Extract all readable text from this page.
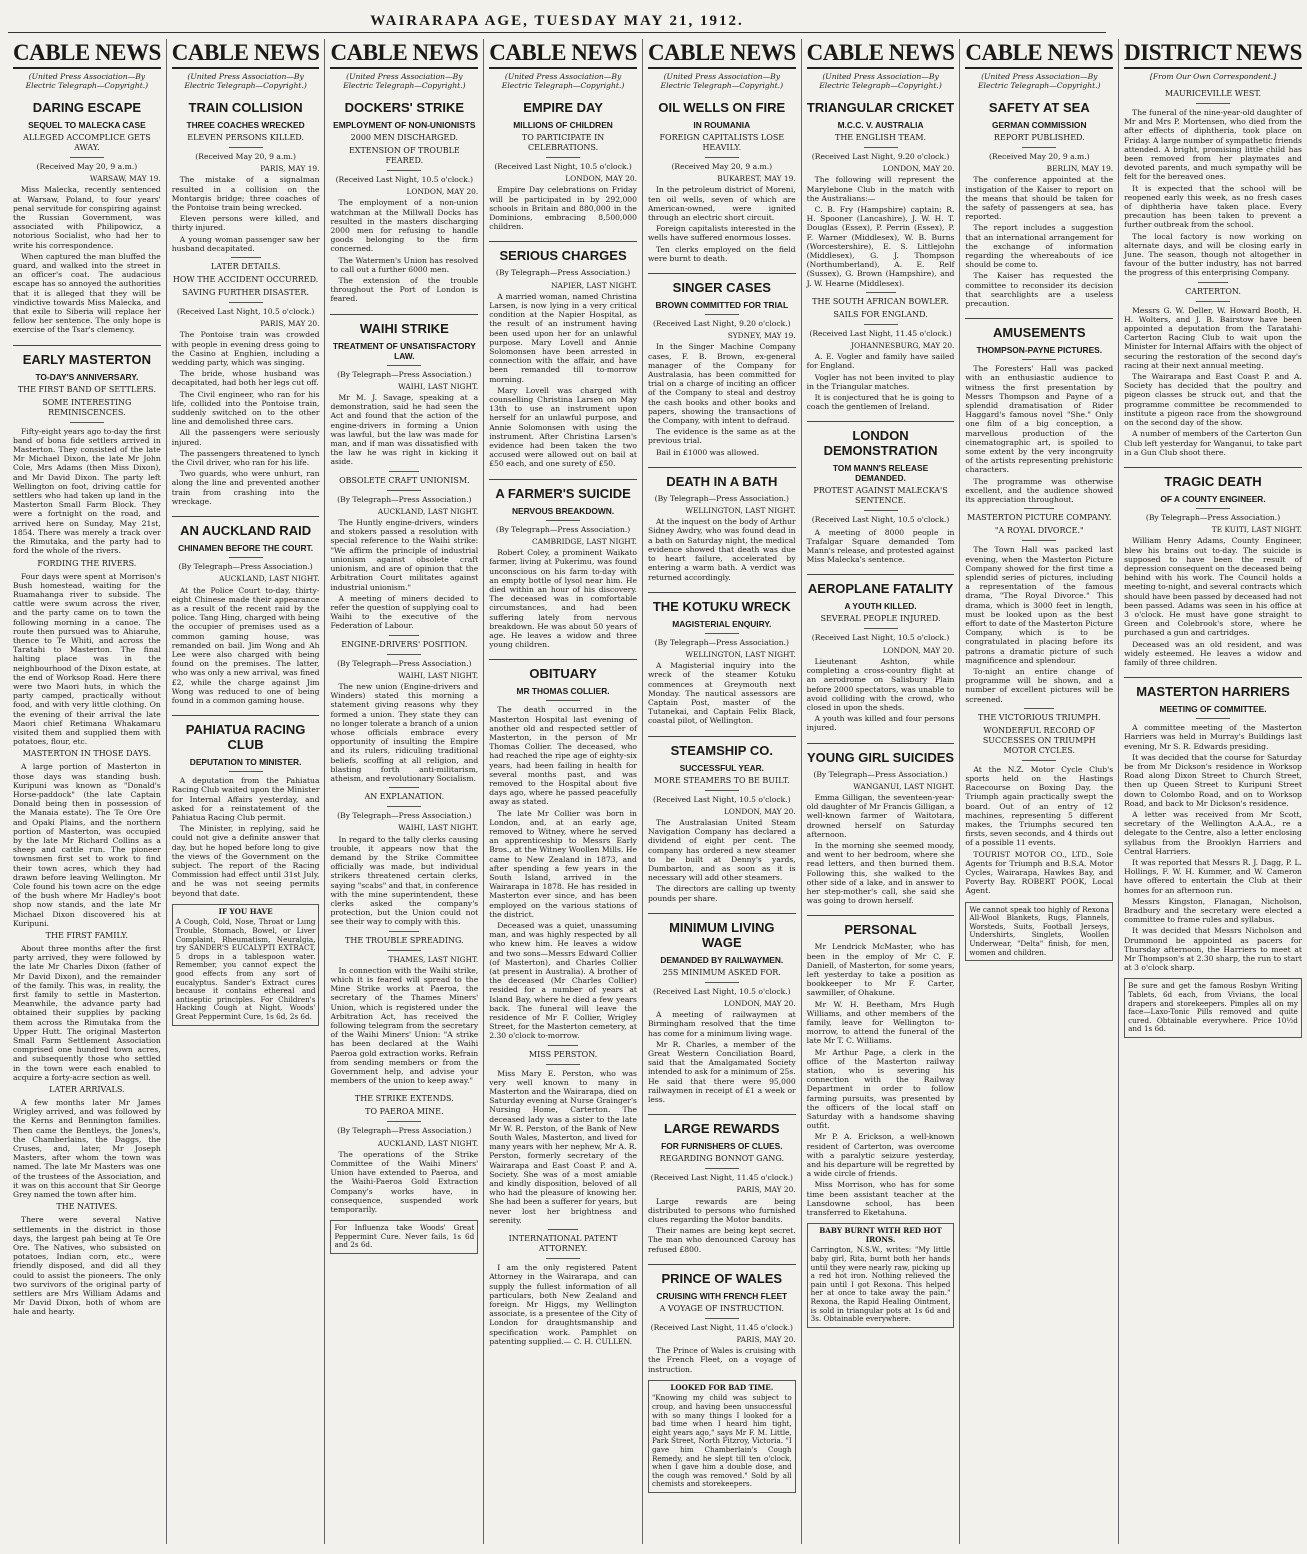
WAIRARAPA AGE, TUESDAY MAY 21, 1912.
CABLE NEWS
(United Press Association—By Electric Telegraph—Copyright.)
DARING ESCAPE
SEQUEL TO MALECKA CASE
ALLEGED ACCOMPLICE GETS AWAY.
(Received May 20, 9 a.m.)
WARSAW, MAY 19.

Miss Malecka, recently sentenced at Warsaw, Poland, to four years' penal servitude for conspiring against the Russian Government, was associated with Philipowicz, a notorious Socialist, who had her to write his correspondence.

When captured the man bluffed the guard, and walked into the street in an officer's coat. The audacious escape has so annoyed the authorities that it is alleged that they will be vindictive towards Miss Malecka, and that exile to Siberia will replace her fellow her sentence. The only hope is exercise of the Tsar's clemency.

EARLY MASTERTON
TO-DAY'S ANNIVERSARY.
THE FIRST BAND OF SETTLERS.
SOME INTERESTING REMINISCENCES.

Fifty-eight years ago to-day the first band of bona fide settlers arrived in Masterton. They consisted of the late Mr Michael Dixon, the late Mr John Cole, Mrs Adams (then Miss Dixon), and Mr David Dixon. The party left Wellington on foot, driving cattle for settlers who had taken up land in the Masterton Small Farm Block. They were a fortnight on the road, and arrived here on Sunday, May 21st, 1854. There was merely a track over the Rimutaka, and the party had to ford the whole of the rivers.

FORDING THE RIVERS.

Four days were spent at Morrison's Bush homestead, waiting for the Ruamahanga river to subside. The cattle were swum across the river, and the party came on to town the following morning in a canoe. The route then pursued was to Ahiaruhe, thence to Te Whiti, and across the Taratahi to Masterton. The final halting place was in the neighbourhood of the Dixon estate, at the end of Worksop Road. Here there were two Maori huts, in which the party camped, practically without food, and with very little clothing. On the evening of their arrival the late Maori chief Retimana Whakamaru visited them and supplied them with potatoes, flour, etc.

MASTERTON IN THOSE DAYS.

A large portion of Masterton in those days was standing bush. Kuripuni was known as "Donald's Horse-paddock" (the late Captain Donald being then in possession of the Manaia estate). The Te Ore Ore and Opaki Plains, and the northern portion of Masterton, was occupied by the late Mr Richard Collins as a sheep and cattle run. The pioneer townsmen first set to work to find their town acres, which they had drawn before leaving Wellington. Mr Cole found his town acre on the edge of the bush where Mr Hadley's boot shop now stands, and the late Mr Michael Dixon discovered his at Kuripuni.

THE FIRST FAMILY.

About three months after the first party arrived, they were followed by the late Mr Charles Dixon (father of Mr David Dixon), and the remainder of the family. This was, in reality, the first family to settle in Masterton. Meanwhile, the advance party had obtained their supplies by packing them across the Rimutaka from the Upper Hutt. The original Masterton Small Farm Settlement Association comprised one hundred town acres, and subsequently those who settled in the town were each enabled to acquire a forty-acre section as well.

LATER ARRIVALS.

A few months later Mr James Wrigley arrived, and was followed by the Kerns and Bennington families. Then came the Bentleys, the Jones's, the Chamberlains, the Daggs, the Cruses, and, later, Mr Joseph Masters, after whom the town was named. The late Mr Masters was one of the trustees of the Association, and it was on this account that Sir George Grey named the town after him.

THE NATIVES.

There were several Native settlements in the district in those days, the largest pah being at Te Ore Ore. The Natives, who subsisted on potatoes, Indian corn, etc., were friendly disposed, and did all they could to assist the pioneers. The only two survivors of the original party of settlers are Mrs William Adams and Mr David Dixon, both of whom are hale and hearty.

CABLE NEWS
(United Press Association—By Electric Telegraph—Copyright.)
TRAIN COLLISION
THREE COACHES WRECKED
ELEVEN PERSONS KILLED.
(Received May 20, 9 a.m.)
PARIS, MAY 19.

The mistake of a signalman resulted in a collision on the Montargis bridge; three coaches of the Pontoise train being wrecked.

Eleven persons were killed, and thirty injured.

A young woman passenger saw her husband decapitated.

LATER DETAILS.
HOW THE ACCIDENT OCCURRED.
SAVING FURTHER DISASTER.
(Received Last Night, 10.5 o'clock.)
PARIS, MAY 20.

The Pontoise train was crowded with people in evening dress going to the Casino at Enghien, including a wedding party, which was singing.

The bride, whose husband was decapitated, had both her legs cut off.

The Civil engineer, who ran for his life, collided into the Pontoise train, suddenly switched on to the other line and demolished three cars.

All the passengers were seriously injured.

The passengers threatened to lynch the Civil driver, who ran for his life.

Two guards, who were unhurt, ran along the line and prevented another train from crashing into the wreckage.

AN AUCKLAND RAID
CHINAMEN BEFORE THE COURT.
(By Telegraph—Press Association.)
AUCKLAND, LAST NIGHT.

At the Police Court to-day, thirty-eight Chinese made their appearance as a result of the recent raid by the police. Tang Hing, charged with being the occupier of premises used as a common gaming house, was remanded on bail. Jim Wong and Ah Lee were also charged with being found on the premises. The latter, who was only a new arrival, was fined £2, while the charge against Jim Wong was reduced to one of being found in a common gaming house.

PAHIATUA RACING CLUB
DEPUTATION TO MINISTER.

A deputation from the Pahiatua Racing Club waited upon the Minister for Internal Affairs yesterday, and asked for a reinstatement of the Pahiatua Racing Club permit.

The Minister, in replying, said he could not give a definite answer that day, but he hoped before long to give the views of the Government on the subject. The report of the Racing Commission had effect until 31st July, and he was not seeing permits beyond that date.

IF YOU HAVE
A Cough, Cold, Nose, Throat or Lung Trouble, Stomach, Bowel, or Liver Complaint, Rheumatism, Neuralgia, try SANDER'S EUCALYPTI EXTRACT, 5 drops in a tablespoon water. Remember, you cannot expect the good effects from any sort of eucalyptus. Sander's Extract cures because it contains ethereal and antiseptic principles. For Children's Hacking Cough at Night, Woods' Great Peppermint Cure, 1s 6d, 2s 6d.
CABLE NEWS
(United Press Association—By Electric Telegraph—Copyright.)
DOCKERS' STRIKE
EMPLOYMENT OF NON-UNIONISTS
2000 MEN DISCHARGED.
EXTENSION OF TROUBLE FEARED.
(Received Last Night, 10.5 o'clock.)
LONDON, MAY 20.

The employment of a non-union watchman at the Millwall Docks has resulted in the masters discharging 2000 men for refusing to handle goods belonging to the firm concerned.

The Watermen's Union has resolved to call out a further 6000 men.

The extension of the trouble throughout the Port of London is feared.

WAIHI STRIKE
TREATMENT OF UNSATISFACTORY LAW.
(By Telegraph—Press Association.)
WAIHI, LAST NIGHT.

Mr M. J. Savage, speaking at a demonstration, said he had seen the Act and found that the action of the engine-drivers in forming a Union was lawful, but the law was made for man, and if man was dissatisfied with the law he was right in kicking it aside.

OBSOLETE CRAFT UNIONISM.
(By Telegraph—Press Association.)
AUCKLAND, LAST NIGHT.

The Huntly engine-drivers, winders and stokers passed a resolution with special reference to the Waihi strike: "We affirm the principle of industrial unionism against obsolete craft unionism, and are of opinion that the Arbitration Court militates against industrial unionism."

A meeting of miners decided to refer the question of supplying coal to Waihi to the executive of the Federation of Labour.

ENGINE-DRIVERS' POSITION.
(By Telegraph—Press Association.)
WAIHI, LAST NIGHT.

The new union (Engine-drivers and Winders) stated this morning a statement giving reasons why they formed a union. They state they can no longer tolerate a branch of a union whose officials embrace every opportunity of insulting the Empire and its rulers, ridiculing traditional beliefs, scoffing at all religion, and blasting forth anti-militarism, atheism, and revolutionary Socialism.

AN EXPLANATION.
(By Telegraph—Press Association.)
WAIHI, LAST NIGHT.

In regard to the tally clerks causing trouble, it appears now that the demand by the Strike Committee officially was made, but individual strikers threatened certain clerks, saying "scabs" and that, in conference with the mine superintendent, these clerks asked the company's protection, but the Union could not see their way to comply with this.

THE TROUBLE SPREADING.
THAMES, LAST NIGHT.

In connection with the Waihi strike, which it is feared will spread to the Mine Strike works at Paeroa, the secretary of the Thames Miners' Union, which is registered under the Arbitration Act, has received the following telegram from the secretary of the Waihi Miners' Union: "A strike has been declared at the Waihi Paeroa gold extraction works. Refrain from sending members or from the Government help, and advise your members of the union to keep away."

THE STRIKE EXTENDS.
TO PAEROA MINE.
(By Telegraph—Press Association.)
AUCKLAND, LAST NIGHT.

The operations of the Strike Committee of the Waihi Miners' Union have extended to Paeroa, and the Waihi-Paeroa Gold Extraction Company's works have, in consequence, suspended work temporarily.

For Influenza take Woods' Great Peppermint Cure. Never fails, 1s 6d and 2s 6d.
CABLE NEWS
(United Press Association—By Electric Telegraph—Copyright.)
EMPIRE DAY
MILLIONS OF CHILDREN
TO PARTICIPATE IN CELEBRATIONS.
(Received Last Night, 10.5 o'clock.)
LONDON, MAY 20.

Empire Day celebrations on Friday will be participated in by 292,000 schools in Britain and 880,000 in the Dominions, embracing 8,500,000 children.

SERIOUS CHARGES
(By Telegraph—Press Association.)
NAPIER, LAST NIGHT.

A married woman, named Christina Larsen, is now lying in a very critical condition at the Napier Hospital, as the result of an instrument having been used upon her for an unlawful purpose. Mary Lovell and Annie Solomonsen have been arrested in connection with the affair, and have been remanded till to-morrow morning.

Mary Lovell was charged with counselling Christina Larsen on May 13th to use an instrument upon herself for an unlawful purpose, and Annie Solomonsen with using the instrument. After Christina Larsen's evidence had been taken the two accused were allowed out on bail at £50 each, and one surety of £50.

A FARMER'S SUICIDE
NERVOUS BREAKDOWN.
(By Telegraph—Press Association.)
CAMBRIDGE, LAST NIGHT.

Robert Coley, a prominent Waikato farmer, living at Pukerimu, was found unconscious on his farm to-day with an empty bottle of lysol near him. He died within an hour of his discovery. The deceased was in comfortable circumstances, and had been suffering lately from nervous breakdown. He was about 50 years of age. He leaves a widow and three young children.

OBITUARY
MR THOMAS COLLIER.

The death occurred in the Masterton Hospital last evening of another old and respected settler of Masterton, in the person of Mr Thomas Collier. The deceased, who had reached the ripe age of eighty-six years, had been failing in health for several months past, and was removed to the Hospital about five days ago, where he passed peacefully away as stated.

The late Mr Collier was born in London, and, at an early age, removed to Witney, where he served an apprenticeship to Messrs Early Bros., at the Witney Woollen Mills. He came to New Zealand in 1873, and after spending a few years in the South Island, arrived in the Wairarapa in 1878. He has resided in Masterton ever since, and has been employed on the various stations of the district.

Deceased was a quiet, unassuming man, and was highly respected by all who knew him. He leaves a widow and two sons—Messrs Edward Collier (of Masterton), and Charles Collier (at present in Australia). A brother of the deceased (Mr Charles Collier) resided for a number of years at Island Bay, where he died a few years back. The funeral will leave the residence of Mr F. Collier, Wrigley Street, for the Masterton cemetery, at 2.30 o'clock to-morrow.

MISS PERSTON.

Miss Mary E. Perston, who was very well known to many in Masterton and the Wairarapa, died on Saturday evening at Nurse Grainger's Nursing Home, Carterton. The deceased lady was a sister to the late Mr W. R. Perston, of the Bank of New South Wales, Masterton, and lived for many years with her nephew, Mr A. R. Perston, formerly secretary of the Wairarapa and East Coast P. and A. Society. She was of a most amiable and kindly disposition, beloved of all who had the pleasure of knowing her. She had been a sufferer for years, but never lost her brightness and serenity.

INTERNATIONAL PATENT ATTORNEY.

I am the only registered Patent Attorney in the Wairarapa, and can supply the fullest information of all particulars, both New Zealand and foreign. Mr Higgs, my Wellington associate, is a presentee of the City of London for draughtsmanship and specification work. Pamphlet on patenting supplied.— C. H. CULLEN.

CABLE NEWS
(United Press Association—By Electric Telegraph—Copyright.)
OIL WELLS ON FIRE
IN ROUMANIA
FOREIGN CAPITALISTS LOSE HEAVILY.
(Received May 20, 9 a.m.)
BUKAREST, MAY 19.

In the petroleum district of Moreni, ten oil wells, seven of which are American-owned, were ignited through an electric short circuit.

Foreign capitalists interested in the wells have suffered enormous losses.

Ten clerks employed on the field were burnt to death.

SINGER CASES
BROWN COMMITTED FOR TRIAL
(Received Last Night, 9.20 o'clock.)
SYDNEY, MAY 19.

In the Singer Machine Company cases, F. B. Brown, ex-general manager of the Company for Australasia, has been committed for trial on a charge of inciting an officer of the Company to steal and destroy the cash books and other books and papers, showing the transactions of the Company, with intent to defraud.

The evidence is the same as at the previous trial.

Bail in £1000 was allowed.

DEATH IN A BATH
(By Telegraph—Press Association.)
WELLINGTON, LAST NIGHT.

At the inquest on the body of Arthur Sidney Awdry, who was found dead in a bath on Saturday night, the medical evidence showed that death was due to heart failure, accelerated by entering a warm bath. A verdict was returned accordingly.

THE KOTUKU WRECK
MAGISTERIAL ENQUIRY.
(By Telegraph—Press Association.)
WELLINGTON, LAST NIGHT.

A Magisterial inquiry into the wreck of the steamer Kotuku commences at Greymouth next Monday. The nautical assessors are Captain Post, master of the Tutanekai, and Captain Felix Black, coastal pilot, of Wellington.

STEAMSHIP CO.
SUCCESSFUL YEAR.
MORE STEAMERS TO BE BUILT.
(Received Last Night, 10.5 o'clock.)
LONDON, MAY 20.

The Australasian United Steam Navigation Company has declared a dividend of eight per cent. The company has ordered a new steamer to be built at Denny's yards, Dumbarton, and as soon as it is necessary will add other steamers.

The directors are calling up twenty pounds per share.

MINIMUM LIVING WAGE
DEMANDED BY RAILWAYMEN.
25S MINIMUM ASKED FOR.
(Received Last Night, 10.5 o'clock.)
LONDON, MAY 20.

A meeting of railwaymen at Birmingham resolved that the time has come for a minimum living wage.

Mr R. Charles, a member of the Great Western Conciliation Board, said that the Amalgamated Society intended to ask for a minimum of 25s. He said that there were 95,000 railwaymen in receipt of £1 a week or less.

LARGE REWARDS
FOR FURNISHERS OF CLUES.
REGARDING BONNOT GANG.
(Received Last Night, 11.45 o'clock.)
PARIS, MAY 20.

Large rewards are being distributed to persons who furnished clues regarding the Motor bandits.

Their names are being kept secret. The man who denounced Carouy has refused £800.

PRINCE OF WALES
CRUISING WITH FRENCH FLEET
A VOYAGE OF INSTRUCTION.
(Received Last Night, 11.45 o'clock.)
PARIS, MAY 20.

The Prince of Wales is cruising with the French Fleet, on a voyage of instruction.

LOOKED FOR BAD TIME.
"Knowing my child was subject to croup, and having been unsuccessful with so many things I looked for a bad time when I heard him tight, eight years ago," says Mr F. M. Little, Park Street, North Fitzroy, Victoria. "I gave him Chamberlain's Cough Remedy, and he slept till ten o'clock, when I gave him a double dose, and the cough was removed." Sold by all chemists and storekeepers.
CABLE NEWS
(United Press Association—By Electric Telegraph—Copyright.)
TRIANGULAR CRICKET
M.C.C. V. AUSTRALIA
THE ENGLISH TEAM.
(Received Last Night, 9.20 o'clock.)
LONDON, MAY 20.

The following will represent the Marylebone Club in the match with the Australians:—

C. B. Fry (Hampshire) captain; R. H. Spooner (Lancashire), J. W. H. T. Douglas (Essex), P. Perrin (Essex), P. F. Warner (Middlesex), W. B. Burns (Worcestershire), E. S. Littlejohn (Middlesex), G. J. Thompson (Northumberland), A. E. Relf (Sussex), G. Brown (Hampshire), and J. W. Hearne (Middlesex).

THE SOUTH AFRICAN BOWLER.
SAILS FOR ENGLAND.
(Received Last Night, 11.45 o'clock.)
JOHANNESBURG, MAY 20.

A. E. Vogler and family have sailed for England.

Vogler has not been invited to play in the Triangular matches.

It is conjectured that he is going to coach the gentlemen of Ireland.

LONDON DEMONSTRATION
TOM MANN'S RELEASE DEMANDED.
PROTEST AGAINST MALECKA'S SENTENCE.
(Received Last Night, 10.5 o'clock.)

A meeting of 8000 people in Trafalgar Square demanded Tom Mann's release, and protested against Miss Malecka's sentence.

AEROPLANE FATALITY
A YOUTH KILLED.
SEVERAL PEOPLE INJURED.
(Received Last Night, 10.5 o'clock.)
LONDON, MAY 20.

Lieutenant Ashton, while completing a cross-country flight at an aerodrome on Salisbury Plain before 2000 spectators, was unable to avoid colliding with the crowd, who closed in upon the sheds.

A youth was killed and four persons injured.

YOUNG GIRL SUICIDES
(By Telegraph—Press Association.)
WANGANUI, LAST NIGHT.

Emma Gilligan, the seventeen-year-old daughter of Mr Francis Gilligan, a well-known farmer of Waitotara, drowned herself on Saturday afternoon.

In the morning she seemed moody, and went to her bedroom, where she read letters, and then burned them. Following this, she walked to the other side of a lake, and in answer to her step-mother's call, she said she was going to drown herself.

PERSONAL

Mr Lendrick McMaster, who has been in the employ of Mr C. F. Daniell, of Masterton, for some years, left yesterday to take a position as bookkeeper to Mr F. Carter, sawmiller, of Ohakune.

Mr W. H. Beetham, Mrs Hugh Williams, and other members of the family, leave for Wellington to-morrow, to attend the funeral of the late Mr T. C. Williams.

Mr Arthur Page, a clerk in the office of the Masterton railway station, who is severing his connection with the Railway Department in order to follow farming pursuits, was presented by the officers of the local staff on Saturday with a handsome shaving outfit.

Mr P. A. Erickson, a well-known resident of Carterton, was overcome with a paralytic seizure yesterday, and his departure will be regretted by a wide circle of friends.

Miss Morrison, who has for some time been assistant teacher at the Lansdowne school, has been transferred to Eketahuna.

BABY BURNT WITH RED HOT IRONS.
Carrington, N.S.W., writes: "My little baby girl, Rita, burnt both her hands until they were nearly raw, picking up a red hot iron. Nothing relieved the pain until I got Rexona. This helped her at once to take away the pain." Rexona, the Rapid Healing Ointment, is sold in triangular pots at 1s 6d and 3s. Obtainable everywhere.
CABLE NEWS
(United Press Association—By Electric Telegraph—Copyright.)
SAFETY AT SEA
GERMAN COMMISSION
REPORT PUBLISHED.
(Received May 20, 9 a.m.)
BERLIN, MAY 19.

The conference appointed at the instigation of the Kaiser to report on the means that should be taken for the safety of passengers at sea, has reported.

The report includes a suggestion that an international arrangement for the exchange of information regarding the whereabouts of ice should be come to.

The Kaiser has requested the committee to reconsider its decision that searchlights are a useless precaution.

AMUSEMENTS
THOMPSON-PAYNE PICTURES.

The Foresters' Hall was packed with an enthusiastic audience to witness the first presentation by Messrs Thompson and Payne of a splendid dramatisation of Rider Haggard's famous novel "She." Only one film of a big conception, a marvellous production of the cinematographic art, is spoiled to some extent by the very incongruity of the artists representing prehistoric characters.

The programme was otherwise excellent, and the audience showed its appreciation throughout.

MASTERTON PICTURE COMPANY.
"A ROYAL DIVORCE."

The Town Hall was packed last evening, when the Masterton Picture Company showed for the first time a splendid series of pictures, including a representation of the famous drama, "The Royal Divorce." This drama, which is 3000 feet in length, must be looked upon as the best effort to date of the Masterton Picture Company, which is to be congratulated in placing before its patrons a dramatic picture of such magnificence and splendour.

To-night an entire change of programme will be shown, and a number of excellent pictures will be screened.

THE VICTORIOUS TRIUMPH.
WONDERFUL RECORD OF SUCCESSES ON TRIUMPH MOTOR CYCLES.

At the N.Z. Motor Cycle Club's sports held on the Hastings Racecourse on Boxing Day, the Triumph again practically swept the board. Out of an entry of 12 machines, representing 5 different makes, the Triumphs secured ten firsts, seven seconds, and 4 thirds out of a possible 11 events.

TOURIST MOTOR CO., LTD., Sole Agents for Triumph and B.S.A. Motor Cycles, Wairarapa, Hawkes Bay, and Poverty Bay. ROBERT POOK, Local Agent.

We cannot speak too highly of Rexona All-Wool Blankets, Rugs, Flannels, Worsteds, Suits, Football Jerseys, Undershirts, Singlets, Woollen Underwear, "Delta" finish, for men, women and children.
DISTRICT NEWS
[From Our Own Correspondent.]
MAURICEVILLE WEST.

The funeral of the nine-year-old daughter of Mr and Mrs P. Mortensen, who died from the after effects of diphtheria, took place on Friday. A large number of sympathetic friends attended. A bright, promising little child has been removed from her playmates and devoted parents, and much sympathy will be felt for the bereaved ones.

It is expected that the school will be reopened early this week, as no fresh cases of diphtheria have taken place. Every precaution has been taken to prevent a further outbreak from the school.

The local factory is now working on alternate days, and will be closing early in June. The season, though not altogether in favour of the butter industry, has not barred the progress of this enterprising Company.

CARTERTON.

Messrs G. W. Deller, W. Howard Booth, H. H. Wolters, and J. B. Bairstow have been appointed a deputation from the Taratahi-Carterton Racing Club to wait upon the Minister for Internal Affairs with the object of securing the restoration of the second day's racing at their next annual meeting.

The Wairarapa and East Coast P. and A. Society has decided that the poultry and pigeon classes be struck out, and that the programme committee be recommended to institute a pigeon race from the showground on the second day of the show.

A number of members of the Carterton Gun Club left yesterday for Wanganui, to take part in a Gun Club shoot there.

TRAGIC DEATH
OF A COUNTY ENGINEER.
(By Telegraph—Press Association.)
TE KUITI, LAST NIGHT.

William Henry Adams, County Engineer, blew his brains out to-day. The suicide is supposed to have been the result of depression consequent on the deceased being behind with his work. The Council holds a meeting to-night, and several contracts which should have been passed by deceased had not been passed. Adams was seen in his office at 3 o'clock. He must have gone straight to Green and Colebrook's store, where he purchased a gun and cartridges.

Deceased was an old resident, and was widely esteemed. He leaves a widow and family of three children.

MASTERTON HARRIERS
MEETING OF COMMITTEE.

A committee meeting of the Masterton Harriers was held in Murray's Buildings last evening, Mr S. R. Edwards presiding.

It was decided that the course for Saturday be from Mr Dickson's residence in Worksop Road along Dixon Street to Church Street, then up Queen Street to Kuripuni Street down to Colombo Road, and on to Worksop Road, and back to Mr Dickson's residence.

A letter was received from Mr Scott, secretary of the Wellington A.A.A., re a delegate to the Centre, also a letter enclosing syllabus from the Brooklyn Harriers and Central Harriers.

It was reported that Messrs R. J. Dagg, P. L. Hollings, F. W. H. Kummer, and W. Cameron have offered to entertain the Club at their homes for an afternoon run.

Messrs Kingston, Flanagan, Nicholson, Bradbury and the secretary were elected a committee to frame rules and syllabus.

It was decided that Messrs Nicholson and Drummond be appointed as pacers for Thursday afternoon, the Harriers to meet at Mr Thompson's at 2.30 sharp, the run to start at 3 o'clock sharp.

Be sure and get the famous Rosbyn Writing Tablets, 6d each, from Vivians, the local drapers and storekeepers. Pimples all on my face—Laxo-Tonic Pills removed and quite cured. Obtainable everywhere. Price 10½d and 1s 6d.
